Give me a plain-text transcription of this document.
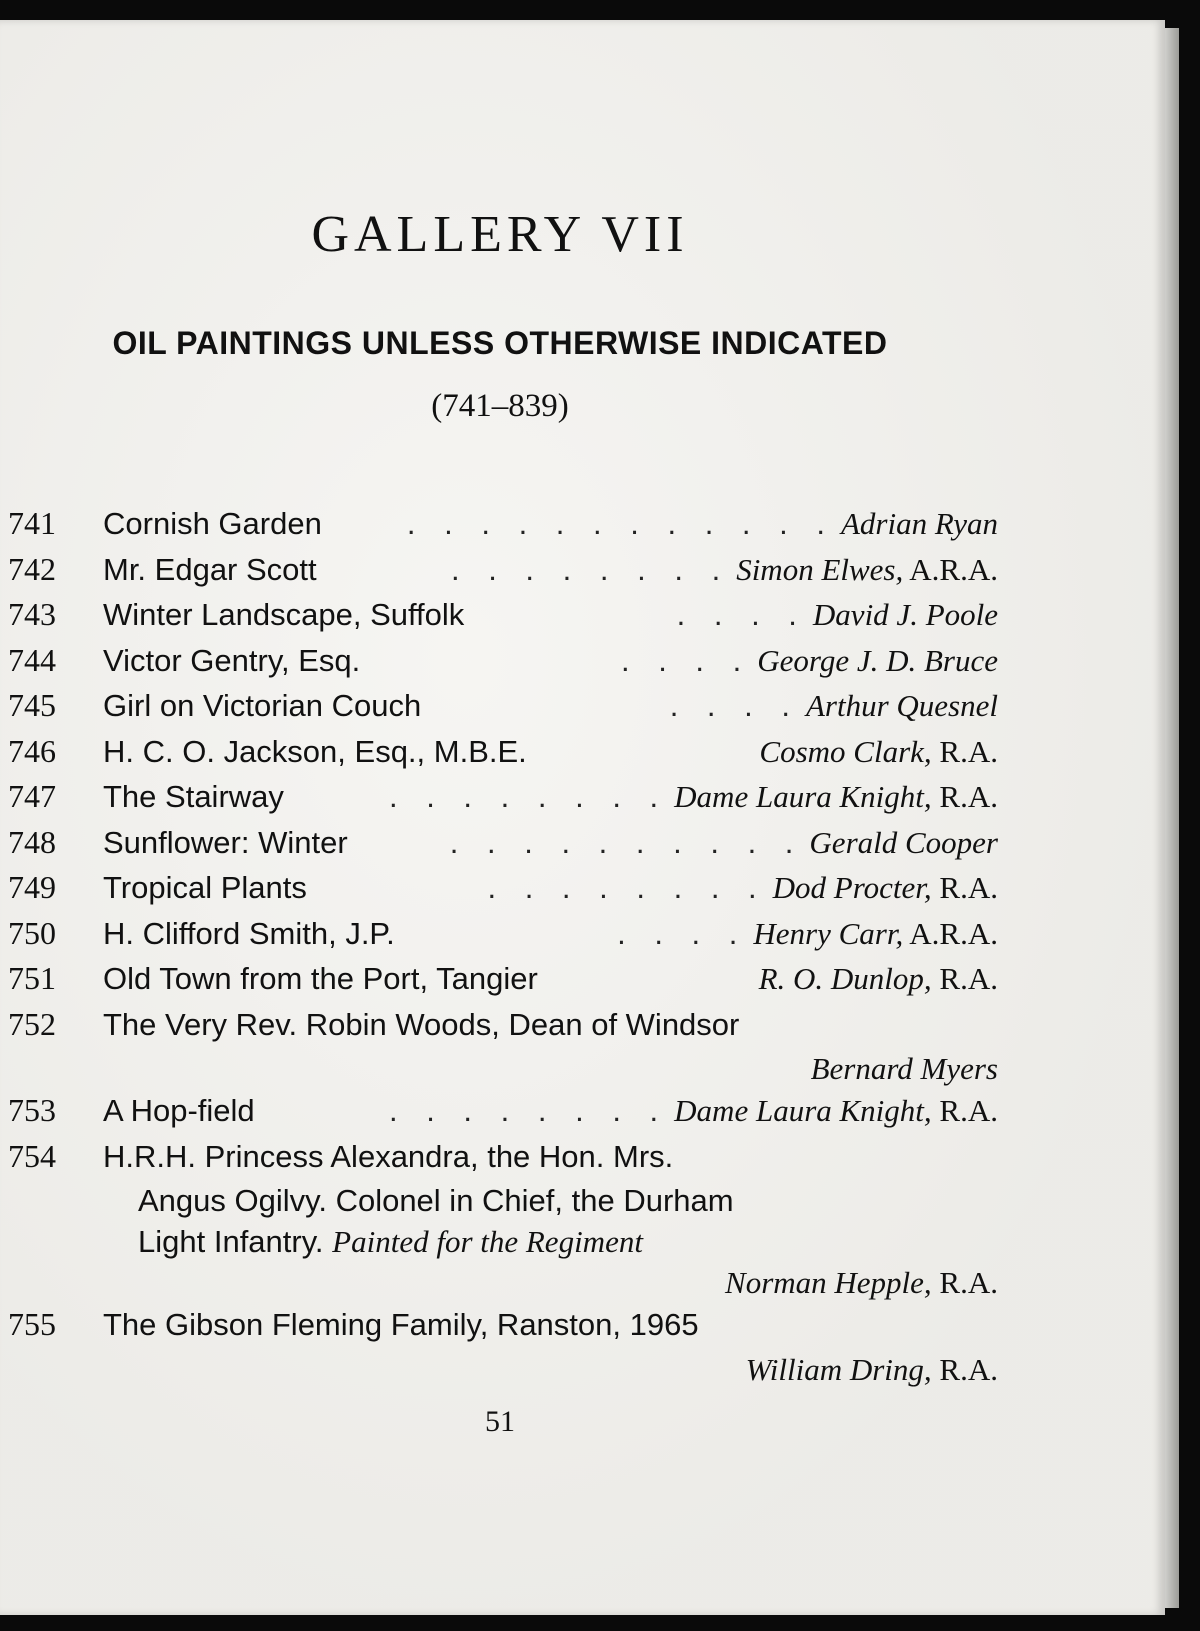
GALLERY VII
OIL PAINTINGS UNLESS OTHERWISE INDICATED
(741–839)
741	Cornish Garden	. . . . . . . . . . . . Adrian Ryan
742	Mr. Edgar Scott	. . . . . . . . Simon Elwes, A.R.A.
743	Winter Landscape, Suffolk	. . . . David J. Poole
744	Victor Gentry, Esq.	. . . . George J. D. Bruce
745	Girl on Victorian Couch	. . . . Arthur Quesnel
746	H. C. O. Jackson, Esq., M.B.E.	Cosmo Clark, R.A.
747	The Stairway	. . . . . . . . Dame Laura Knight, R.A.
748	Sunflower: Winter	. . . . . . . . . . Gerald Cooper
749	Tropical Plants	. . . . . . . . Dod Procter, R.A.
750	H. Clifford Smith, J.P.	. . . . Henry Carr, A.R.A.
751	Old Town from the Port, Tangier	R. O. Dunlop, R.A.
752	The Very Rev. Robin Woods, Dean of Windsor
Bernard Myers
753	A Hop-field	. . . . . . . . Dame Laura Knight, R.A.
754	H.R.H. Princess Alexandra, the Hon. Mrs.
Angus Ogilvy. Colonel in Chief, the Durham
Light Infantry.
Painted for the Regiment
Norman Hepple, R.A.
755	The Gibson Fleming Family, Ranston, 1965
William Dring, R.A.
51
